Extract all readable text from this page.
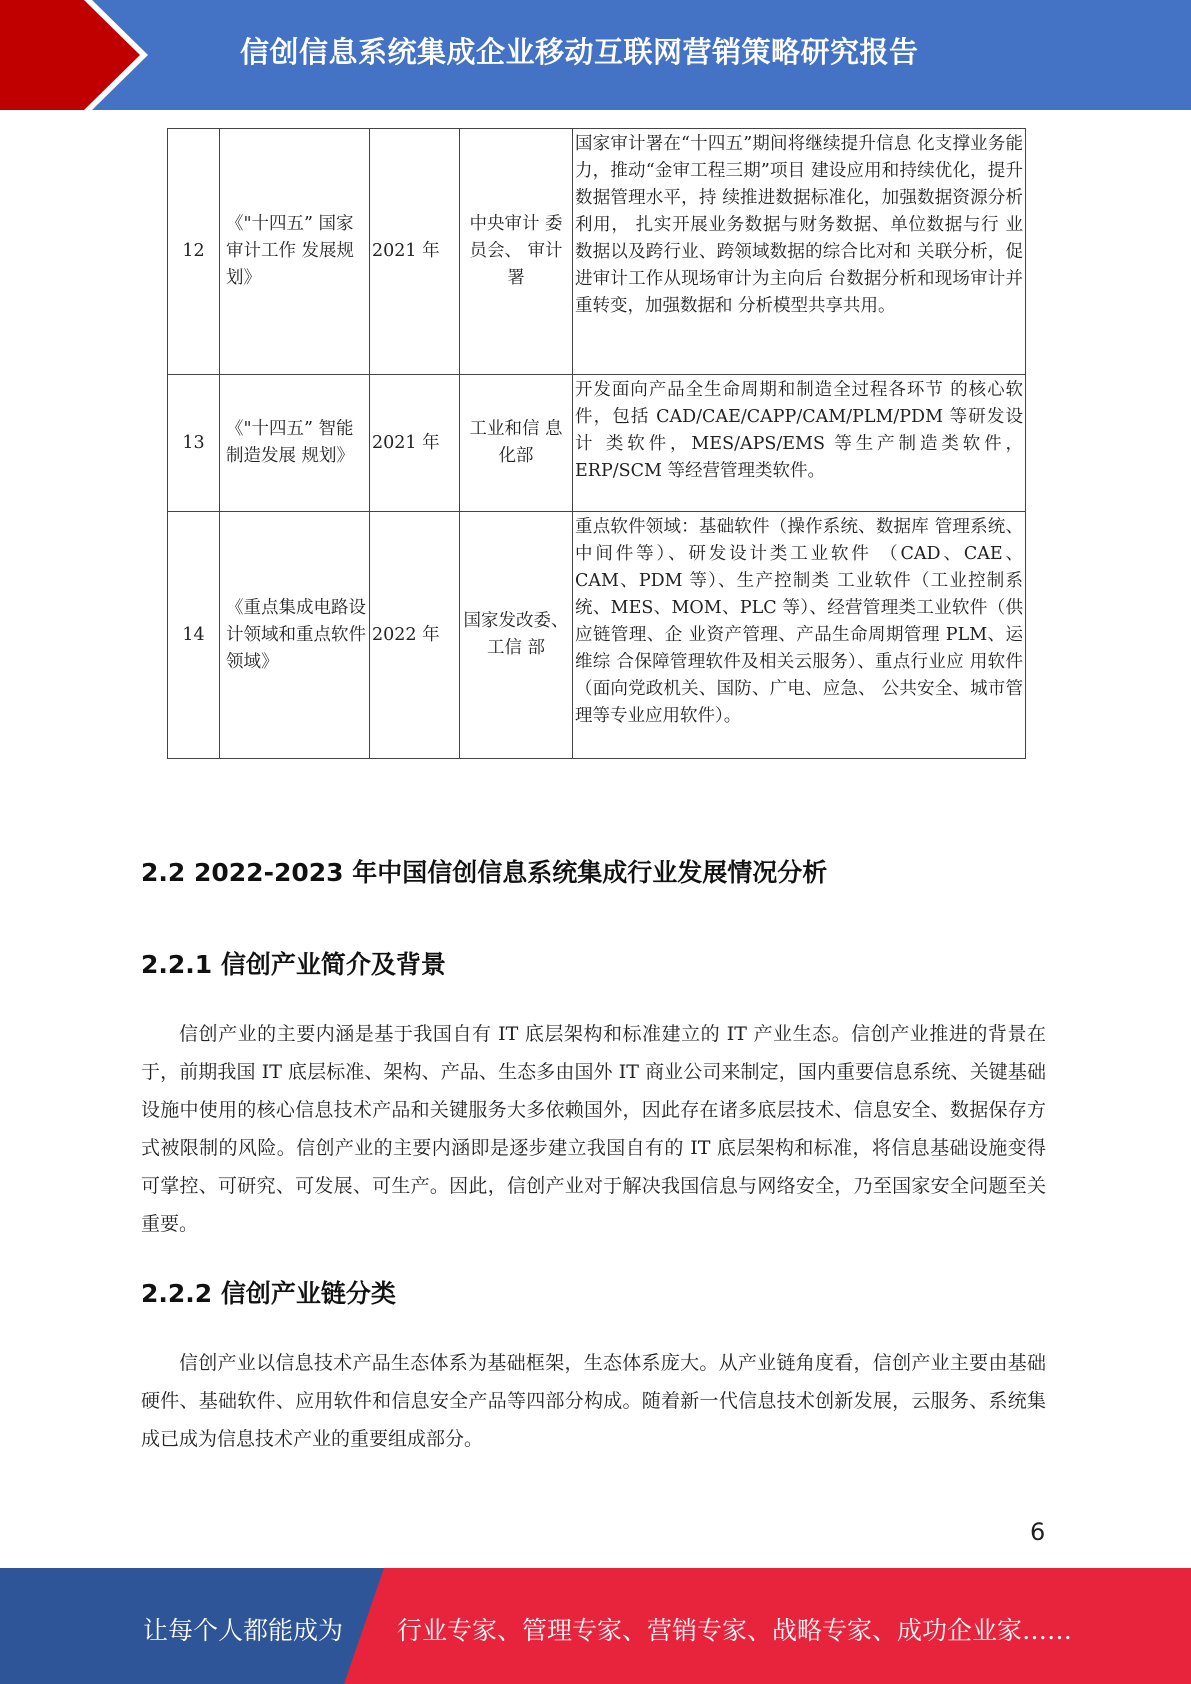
信创信息系统集成企业移动互联网营销策略研究报告
12	《"十四五” 国家审计工作 发展规划》	2021 年	中央审计 委员会、 审计署	国家审计署在“十四五”期间将继续提升信息 化支撑业务能力，推动“金审工程三期”项目 建设应用和持续优化，提升数据管理水平，持 续推进数据标准化，加强数据资源分析利用， 扎实开展业务数据与财务数据、单位数据与行 业数据以及跨行业、跨领域数据的综合比对和 关联分析，促进审计工作从现场审计为主向后 台数据分析和现场审计并重转变，加强数据和 分析模型共享共用。
13	《"十四五” 智能制造发展 规划》	2021 年	工业和信 息化部	开发面向产品全生命周期和制造全过程各环节 的核心软件，包括 CAD/CAE/CAPP/CAM/PLM/PDM 等研发设计 类软件，MES/APS/EMS 等生产制造类软件， ERP/SCM 等经营管理类软件。
14	《重点集成电路设计领域和重点软件领域》	2022 年	国家发改委、工信 部	重点软件领域：基础软件（操作系统、数据库 管理系统、中间件等）、研发设计类工业软件 （CAD、CAE、CAM、PDM 等）、生产控制类 工业软件（工业控制系统、MES、MOM、PLC 等）、经营管理类工业软件（供应链管理、企 业资产管理、产品生命周期管理 PLM、运维综 合保障管理软件及相关云服务）、重点行业应 用软件（面向党政机关、国防、广电、应急、 公共安全、城市管理等专业应用软件）。
2.2 2022-2023 年中国信创信息系统集成行业发展情况分析
2.2.1 信创产业简介及背景

信创产业的主要内涵是基于我国自有 IT 底层架构和标准建立的 IT 产业生态。信创产业推进的背景在于，前期我国 IT 底层标准、架构、产品、生态多由国外 IT 商业公司来制定，国内重要信息系统、关键基础设施中使用的核心信息技术产品和关键服务大多依赖国外，因此存在诸多底层技术、信息安全、数据保存方式被限制的风险。信创产业的主要内涵即是逐步建立我国自有的 IT 底层架构和标准，将信息基础设施变得可掌控、可研究、可发展、可生产。因此，信创产业对于解决我国信息与网络安全，乃至国家安全问题至关重要。

2.2.2 信创产业链分类

信创产业以信息技术产品生态体系为基础框架，生态体系庞大。从产业链角度看，信创产业主要由基础硬件、基础软件、应用软件和信息安全产品等四部分构成。随着新一代信息技术创新发展，云服务、系统集成已成为信息技术产业的重要组成部分。

6
让每个人都能成为 行业专家、管理专家、营销专家、战略专家、成功企业家……
